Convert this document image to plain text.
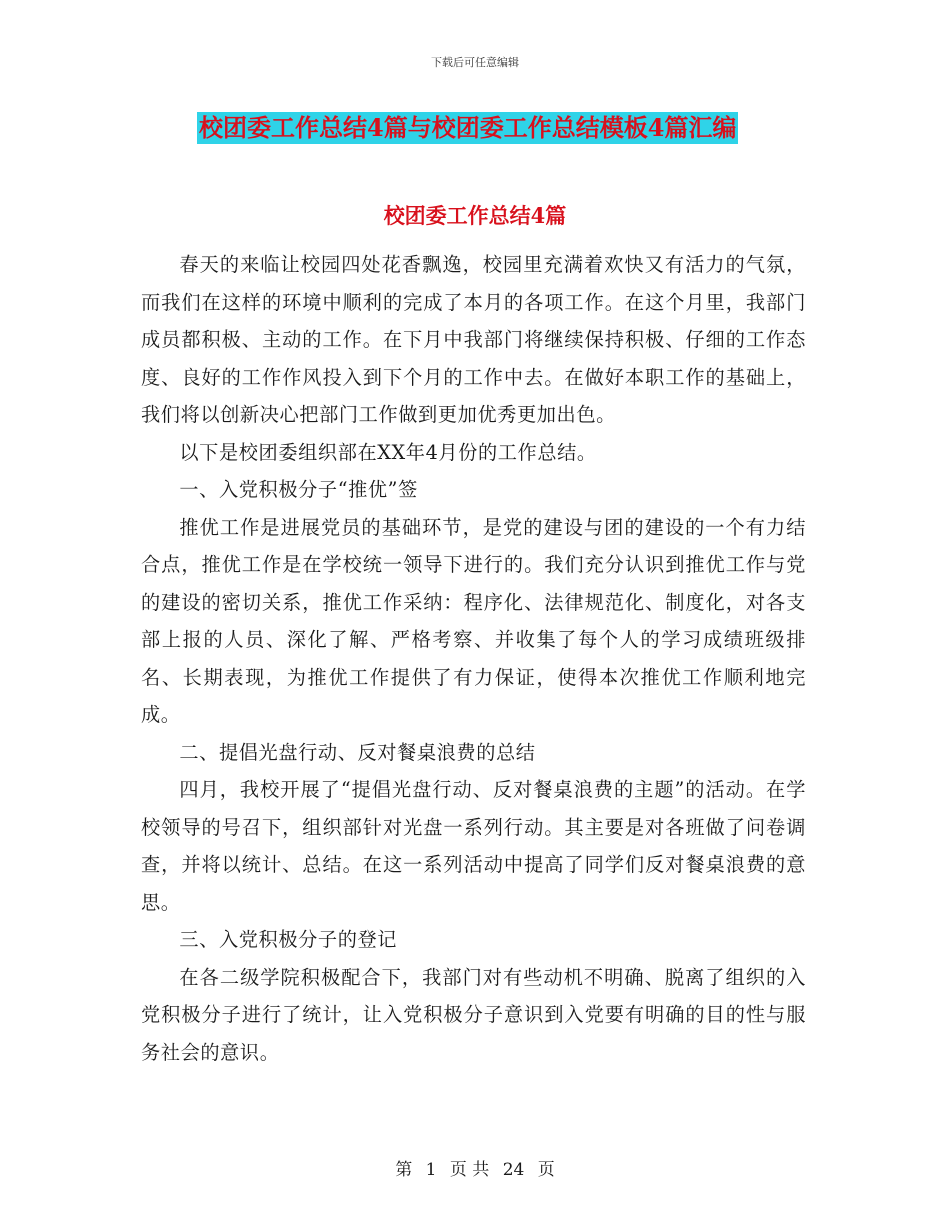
下载后可任意编辑
校团委工作总结4篇与校团委工作总结模板4篇汇编
校团委工作总结4篇

春天的来临让校园四处花香飘逸，校园里充满着欢快又有活力的气氛，而我们在这样的环境中顺利的完成了本月的各项工作。在这个月里，我部门成员都积极、主动的工作。在下月中我部门将继续保持积极、仔细的工作态度、良好的工作作风投入到下个月的工作中去。在做好本职工作的基础上，我们将以创新决心把部门工作做到更加优秀更加出色。

以下是校团委组织部在XX年4月份的工作总结。

一、入党积极分子“推优”签

推优工作是进展党员的基础环节，是党的建设与团的建设的一个有力结合点，推优工作是在学校统一领导下进行的。我们充分认识到推优工作与党的建设的密切关系，推优工作采纳：程序化、法律规范化、制度化，对各支部上报的人员、深化了解、严格考察、并收集了每个人的学习成绩班级排名、长期表现，为推优工作提供了有力保证，使得本次推优工作顺利地完成。

二、提倡光盘行动、反对餐桌浪费的总结

四月，我校开展了“提倡光盘行动、反对餐桌浪费的主题”的活动。在学校领导的号召下，组织部针对光盘一系列行动。其主要是对各班做了问卷调查，并将以统计、总结。在这一系列活动中提高了同学们反对餐桌浪费的意思。

三、入党积极分子的登记

在各二级学院积极配合下，我部门对有些动机不明确、脱离了组织的入党积极分子进行了统计，让入党积极分子意识到入党要有明确的目的性与服务社会的意识。

第 1 页 共 24 页
